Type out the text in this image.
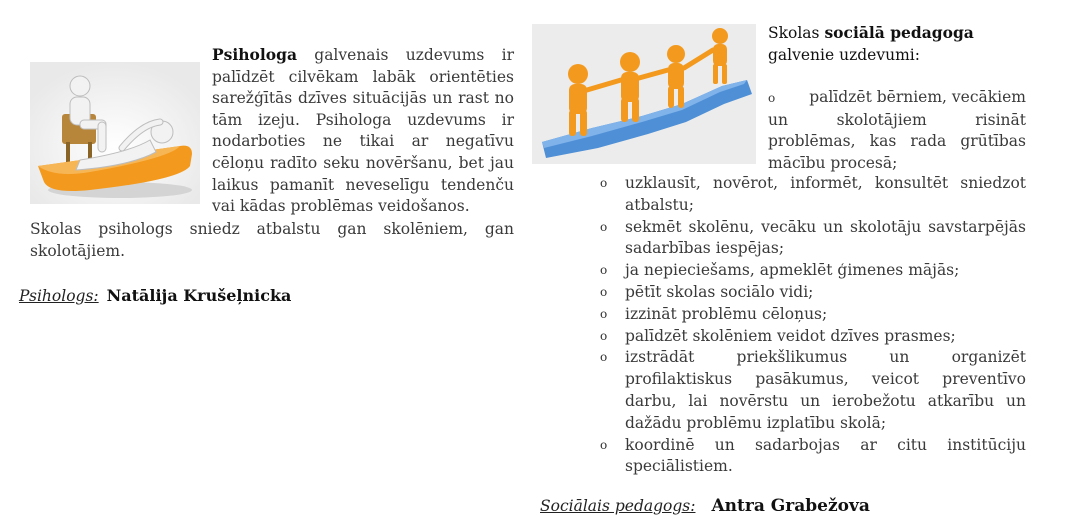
Psihologa galvenais uzdevums ir palīdzēt cilvēkam labāk orientēties sarežģītās dzīves situācijās un rast no tām izeju. Psihologa uzdevums ir nodarboties ne tikai ar negatīvu cēloņu radīto seku novēršanu, bet jau laikus pamanīt neveselīgu tendenču vai kādas problēmas veidošanos.
Skolas psihologs sniedz atbalstu gan skolēniem, gan skolotājiem.
Psihologs: Natālija Krušeļnicka
Skolas sociālā pedagoga
galvenie uzdevumi:
o palīdzēt bērniem, vecākiem un skolotājiem risināt problēmas, kas rada grūtības mācību procesā;
o uzklausīt, novērot, informēt, konsultēt sniedzot atbalstu;
o sekmēt skolēnu, vecāku un skolotāju savstarpējās sadarbības iespējas;
o ja nepieciešams, apmeklēt ģimenes mājās;
o pētīt skolas sociālo vidi;
o izzināt problēmu cēloņus;
o palīdzēt skolēniem veidot dzīves prasmes;
o izstrādāt priekšlikumus un organizēt profilaktiskus pasākumus, veicot preventīvo darbu, lai novērstu un ierobežotu atkarību un dažādu problēmu izplatību skolā;
o koordinē un sadarbojas ar citu institūciju speciālistiem.
Sociālais pedagogs: Antra Grabežova
